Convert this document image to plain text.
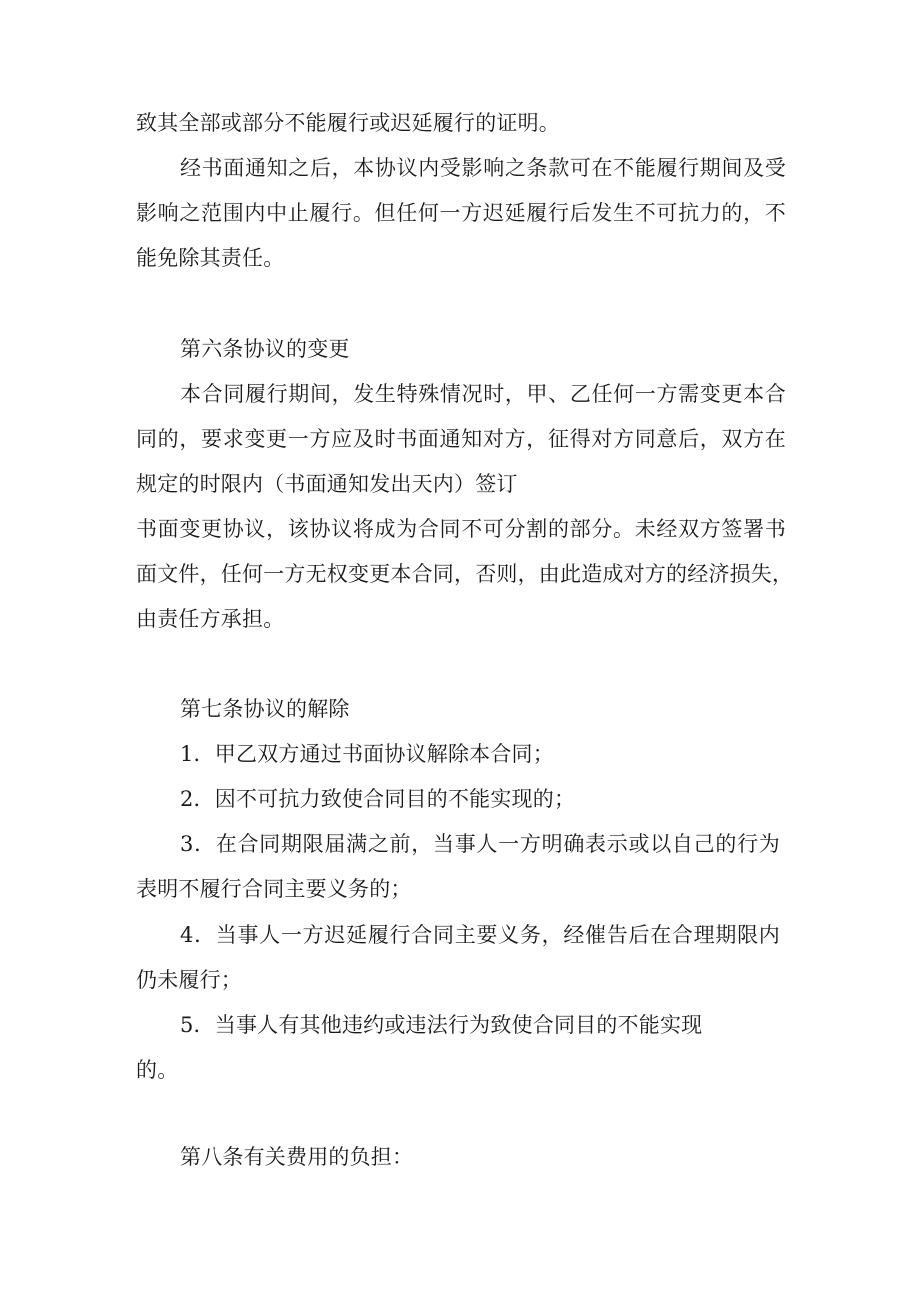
致其全部或部分不能履行或迟延履行的证明。
经书面通知之后，本协议内受影响之条款可在不能履行期间及受
影响之范围内中止履行。但任何一方迟延履行后发生不可抗力的，不
能免除其责任。
第六条协议的变更
本合同履行期间，发生特殊情况时，甲、乙任何一方需变更本合
同的，要求变更一方应及时书面通知对方，征得对方同意后，双方在
规定的时限内（书面通知发出天内）签订
书面变更协议，该协议将成为合同不可分割的部分。未经双方签署书
面文件，任何一方无权变更本合同，否则，由此造成对方的经济损失，
由责任方承担。
第七条协议的解除
1．甲乙双方通过书面协议解除本合同；
2．因不可抗力致使合同目的不能实现的；
3．在合同期限届满之前，当事人一方明确表示或以自己的行为
表明不履行合同主要义务的；
4．当事人一方迟延履行合同主要义务，经催告后在合理期限内
仍未履行；
5．当事人有其他违约或违法行为致使合同目的不能实现
的。
第八条有关费用的负担：
